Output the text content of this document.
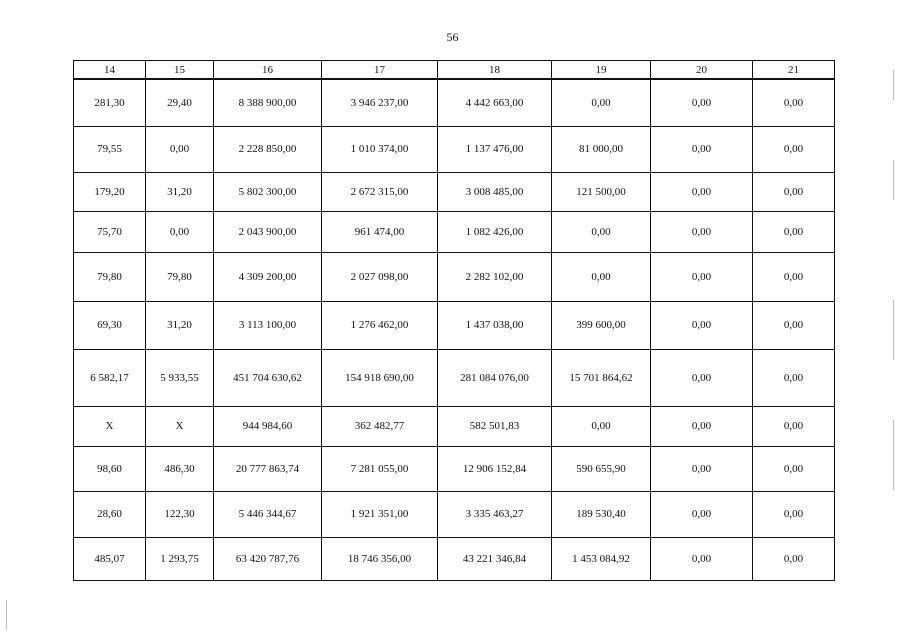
56
14	15	16	17	18	19	20	21
281,30	29,40	8 388 900,00	3 946 237,00	4 442 663,00	0,00	0,00	0,00
79,55	0,00	2 228 850,00	1 010 374,00	1 137 476,00	81 000,00	0,00	0,00
179,20	31,20	5 802 300,00	2 672 315,00	3 008 485,00	121 500,00	0,00	0,00
75,70	0,00	2 043 900,00	961 474,00	1 082 426,00	0,00	0,00	0,00
79,80	79,80	4 309 200,00	2 027 098,00	2 282 102,00	0,00	0,00	0,00
69,30	31,20	3 113 100,00	1 276 462,00	1 437 038,00	399 600,00	0,00	0,00
6 582,17	5 933,55	451 704 630,62	154 918 690,00	281 084 076,00	15 701 864,62	0,00	0,00
X	X	944 984,60	362 482,77	582 501,83	0,00	0,00	0,00
98,60	486,30	20 777 863,74	7 281 055,00	12 906 152,84	590 655,90	0,00	0,00
28,60	122,30	5 446 344,67	1 921 351,00	3 335 463,27	189 530,40	0,00	0,00
485,07	1 293,75	63 420 787,76	18 746 356,00	43 221 346,84	1 453 084,92	0,00	0,00
